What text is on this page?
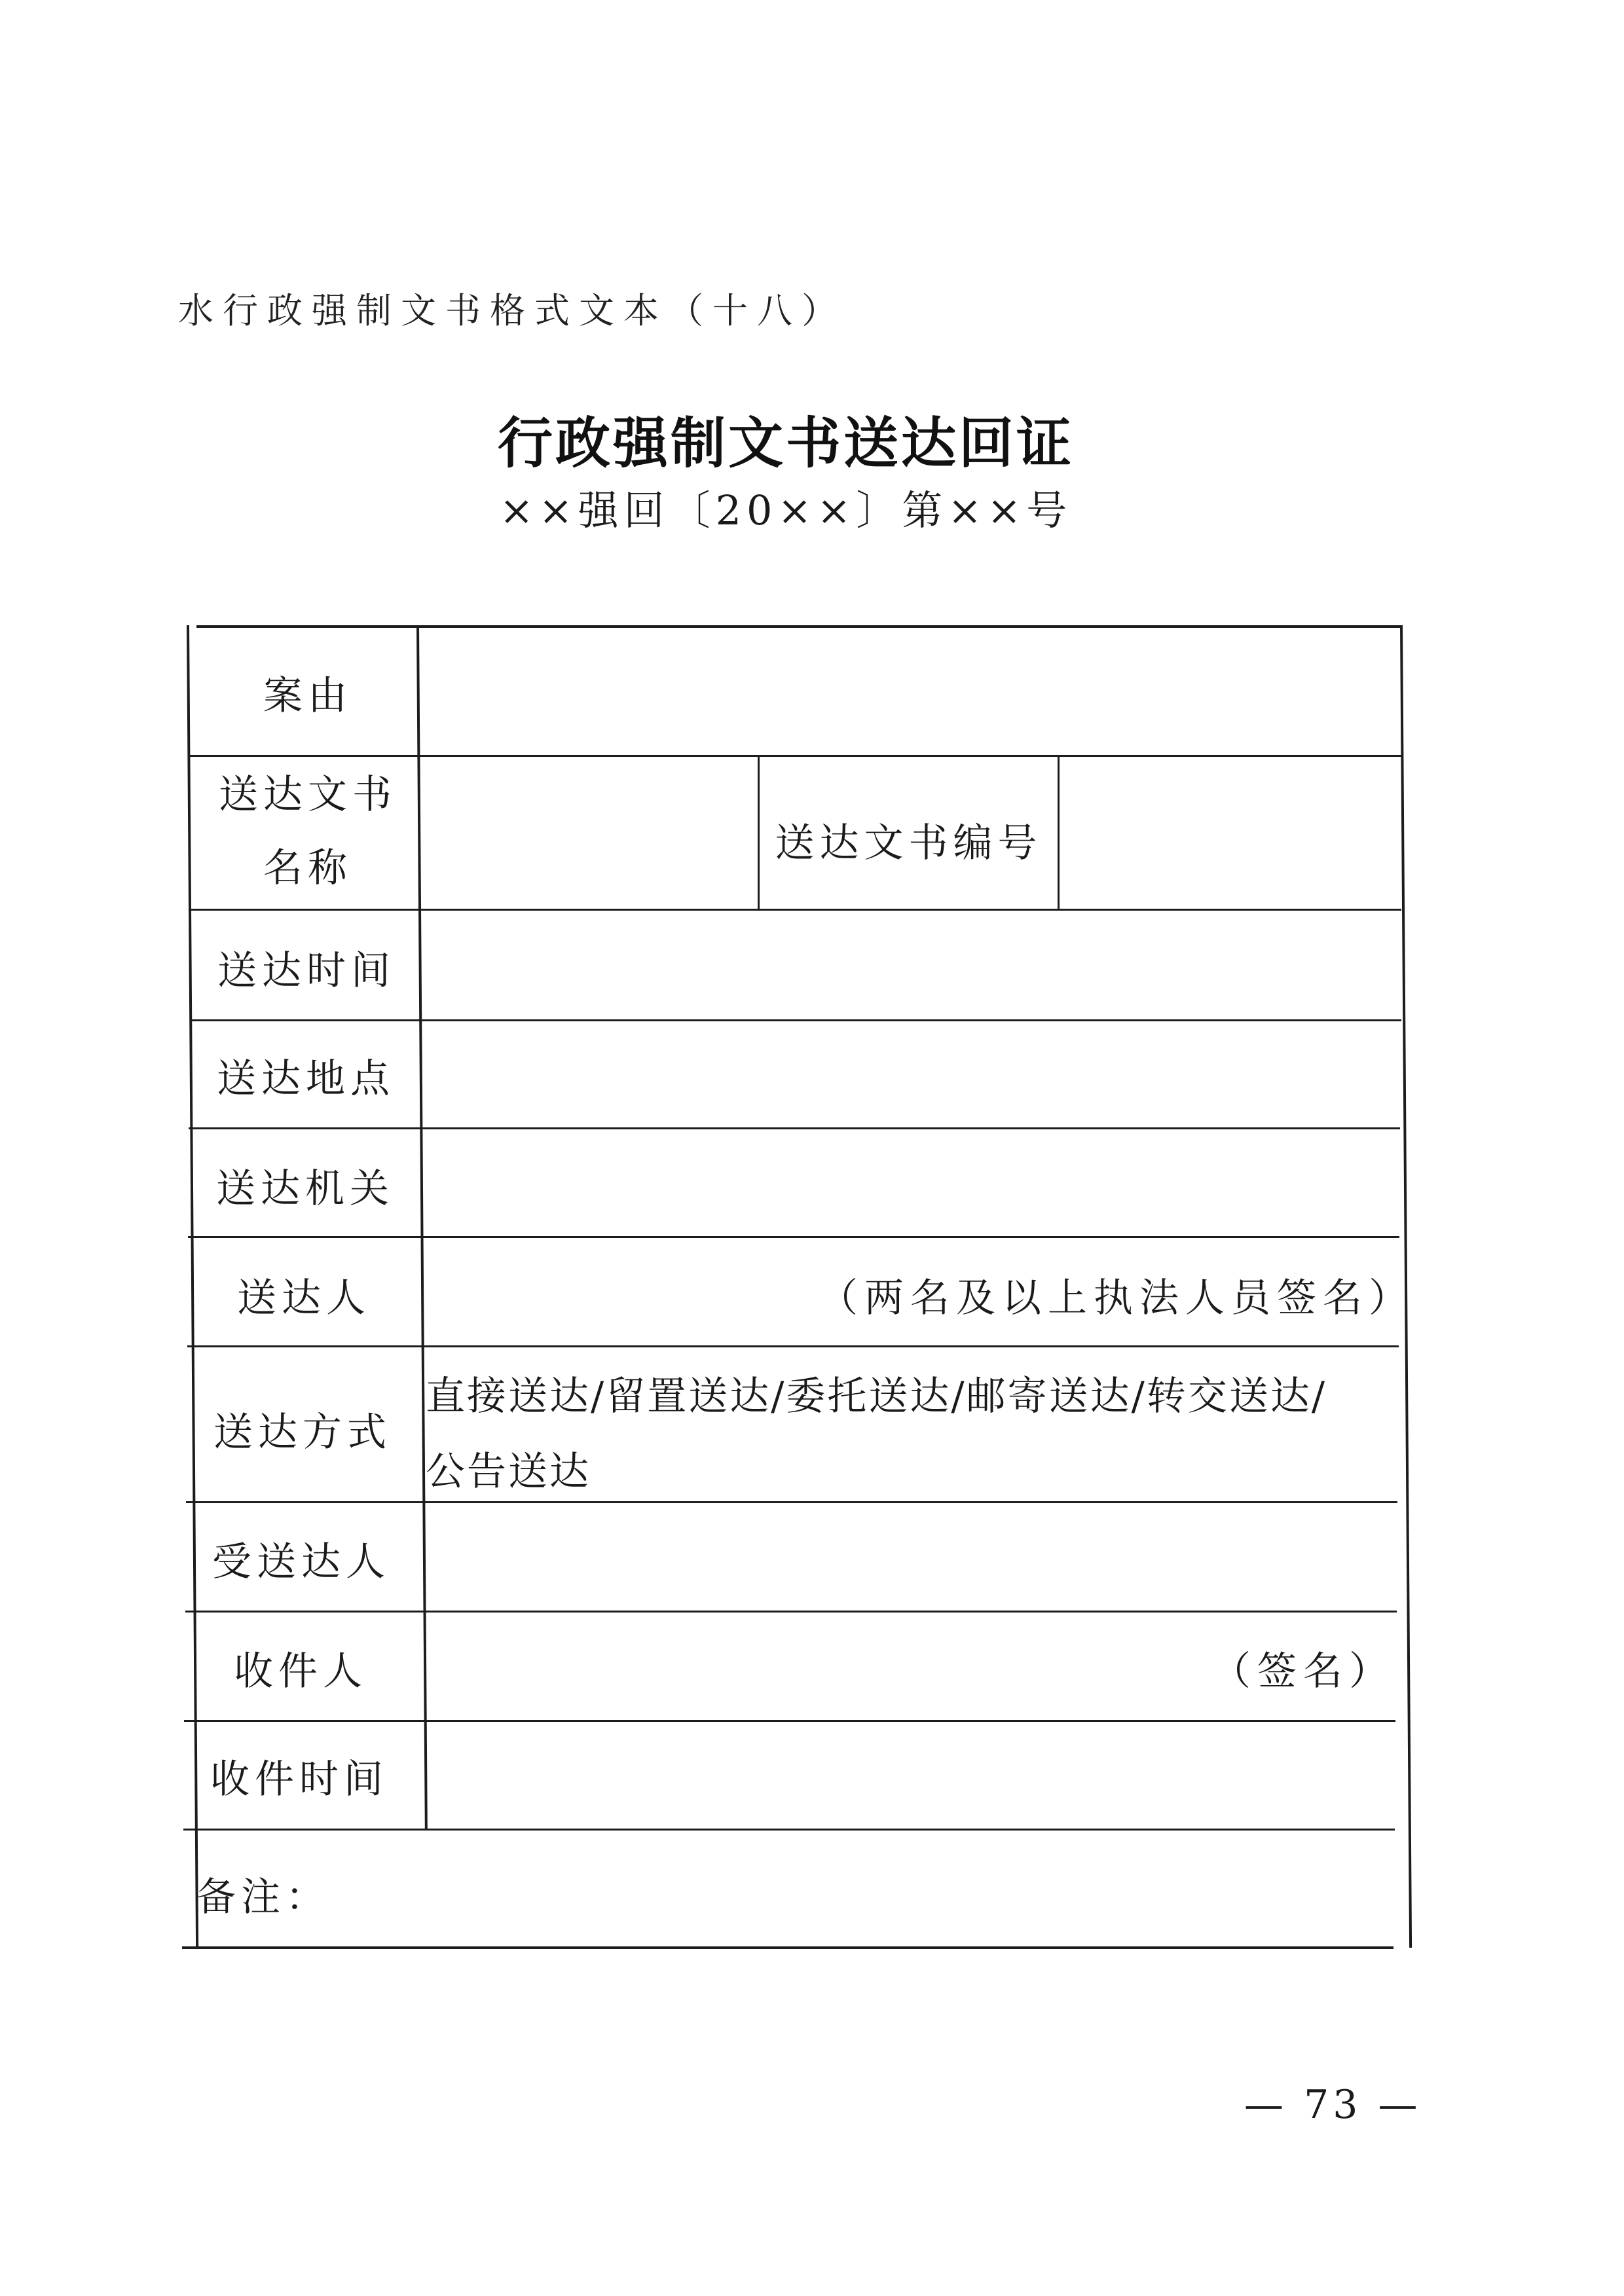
水行政强制文书格式文本（十八）
行政强制文书送达回证
××强回〔20××〕第××号
案由
送达文书
名称
送达文书编号
送达时间
送达地点
送达机关
送达人	（两名及以上执法人员签名）
送达方式
直接送达/留置送达/委托送达/邮寄送达/转交送达/
公告送达
受送达人
收件人	（签名）
收件时间
备注：
— 73 —
